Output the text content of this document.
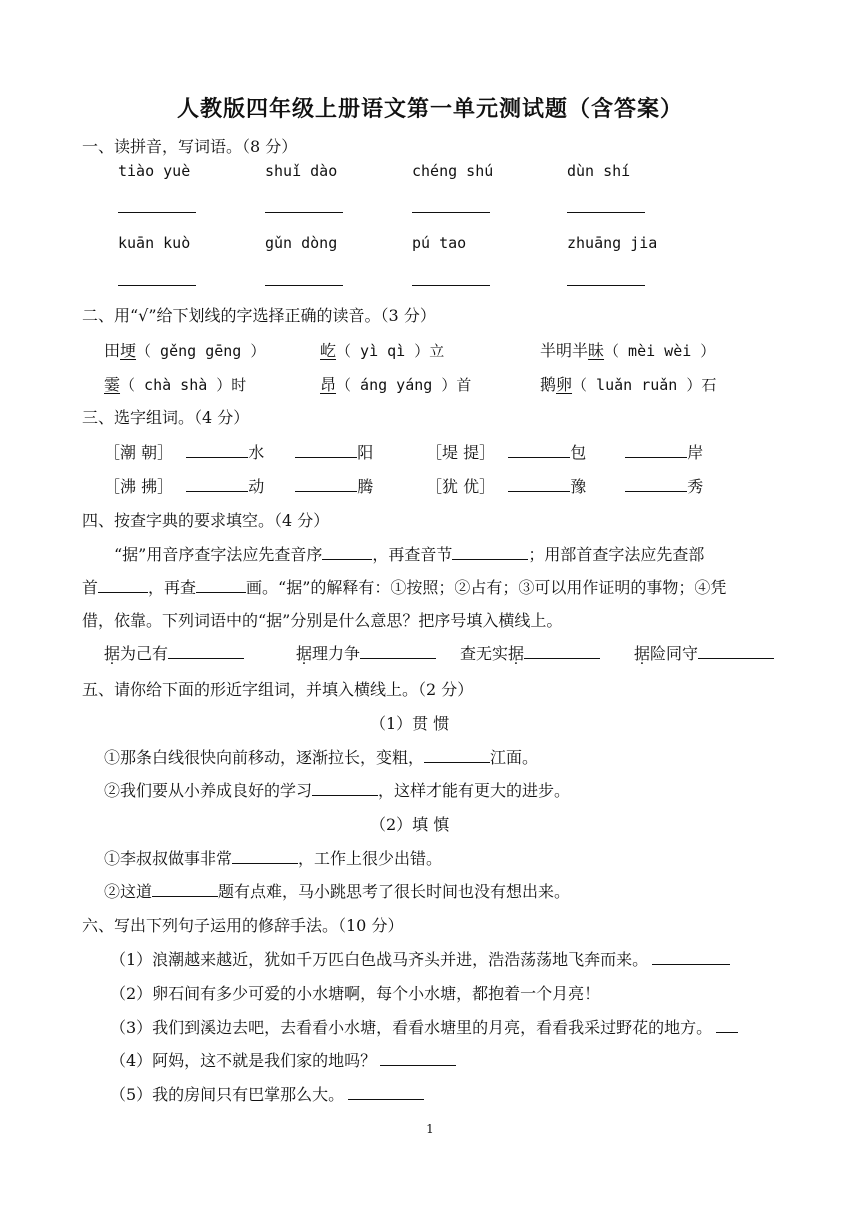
人教版四年级上册语文第一单元测试题（含答案）
一、读拼音，写词语。（8 分）
tiào yuè	shuǐ dào	chéng shú	dùn shí
kuān kuò	gǔn dòng	pú tao	zhuāng jia
二、用“√”给下划线的字选择正确的读音。（3 分）
田埂（ gěng gēng ）	屹（ yì qì ）立	半明半昧（ mèi wèi ）
霎（ chà shà ）时	昂（ áng yáng ）首	鹅卵（ luǎn ruǎn ）石
三、选字组词。（4 分）
［潮 朝］	水	阳	［堤 提］	包	岸
［沸 拂］	动	腾	［犹 优］	豫	秀
四、按查字典的要求填空。（4 分）
“据”用音序查字法应先查音序	，再查音节	；用部首查字法应先查部
首	，再查	画。“据”的解释有：①按照；②占有；③可以用作证明的事物；④凭
借，依靠。下列词语中的“据”分别是什么意思？把序号填入横线上。
据为己有	据理力争	查无实据	据险同守
五、请你给下面的形近字组词，并填入横线上。（2 分）
（1）贯 惯
①那条白线很快向前移动，逐渐拉长，变粗，	江面。
②我们要从小养成良好的学习	，这样才能有更大的进步。
（2）填 慎
①李叔叔做事非常	，工作上很少出错。
②这道	题有点难，马小跳思考了很长时间也没有想出来。
六、写出下列句子运用的修辞手法。（10 分）
（1）浪潮越来越近，犹如千万匹白色战马齐头并进，浩浩荡荡地飞奔而来。
（2）卵石间有多少可爱的小水塘啊，每个小水塘，都抱着一个月亮！
（3）我们到溪边去吧，去看看小水塘，看看水塘里的月亮，看看我采过野花的地方。
（4）阿妈，这不就是我们家的地吗？
（5）我的房间只有巴掌那么大。
1
